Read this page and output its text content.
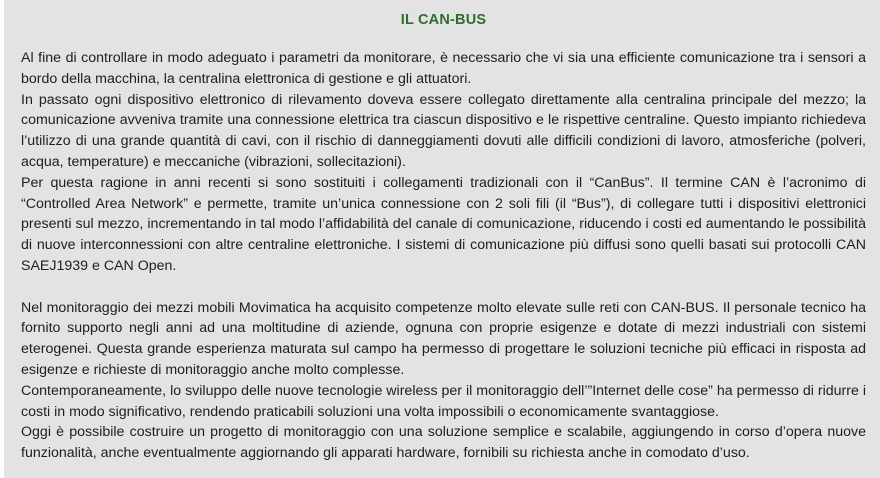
IL CAN-BUS

Al fine di controllare in modo adeguato i parametri da monitorare, è necessario che vi sia una efficiente comunicazione tra i sensori a bordo della macchina, la centralina elettronica di gestione e gli attuatori.

In passato ogni dispositivo elettronico di rilevamento doveva essere collegato direttamente alla centralina principale del mezzo; la comunicazione avveniva tramite una connessione elettrica tra ciascun dispositivo e le rispettive centraline. Questo impianto richiedeva l’utilizzo di una grande quantità di cavi, con il rischio di danneggiamenti dovuti alle difficili condizioni di lavoro, atmosferiche (polveri, acqua, temperature) e meccaniche (vibrazioni, sollecitazioni).

Per questa ragione in anni recenti si sono sostituiti i collegamenti tradizionali con il “CanBus”. Il termine CAN è l’acronimo di “Controlled Area Network” e permette, tramite un’unica connessione con 2 soli fili (il “Bus”), di collegare tutti i dispositivi elettronici presenti sul mezzo, incrementando in tal modo l’affidabilità del canale di comunicazione, riducendo i costi ed aumentando le possibilità di nuove interconnessioni con altre centraline elettroniche. I sistemi di comunicazione più diffusi sono quelli basati sui protocolli CAN SAEJ1939 e CAN Open.

Nel monitoraggio dei mezzi mobili Movimatica ha acquisito competenze molto elevate sulle reti con CAN-BUS. Il personale tecnico ha fornito supporto negli anni ad una moltitudine di aziende, ognuna con proprie esigenze e dotate di mezzi industriali con sistemi eterogenei. Questa grande esperienza maturata sul campo ha permesso di progettare le soluzioni tecniche più efficaci in risposta ad esigenze e richieste di monitoraggio anche molto complesse.

Contemporaneamente, lo sviluppo delle nuove tecnologie wireless per il monitoraggio dell’”Internet delle cose” ha permesso di ridurre i costi in modo significativo, rendendo praticabili soluzioni una volta impossibili o economicamente svantaggiose.

Oggi è possibile costruire un progetto di monitoraggio con una soluzione semplice e scalabile, aggiungendo in corso d’opera nuove funzionalità, anche eventualmente aggiornando gli apparati hardware, fornibili su richiesta anche in comodato d’uso.
